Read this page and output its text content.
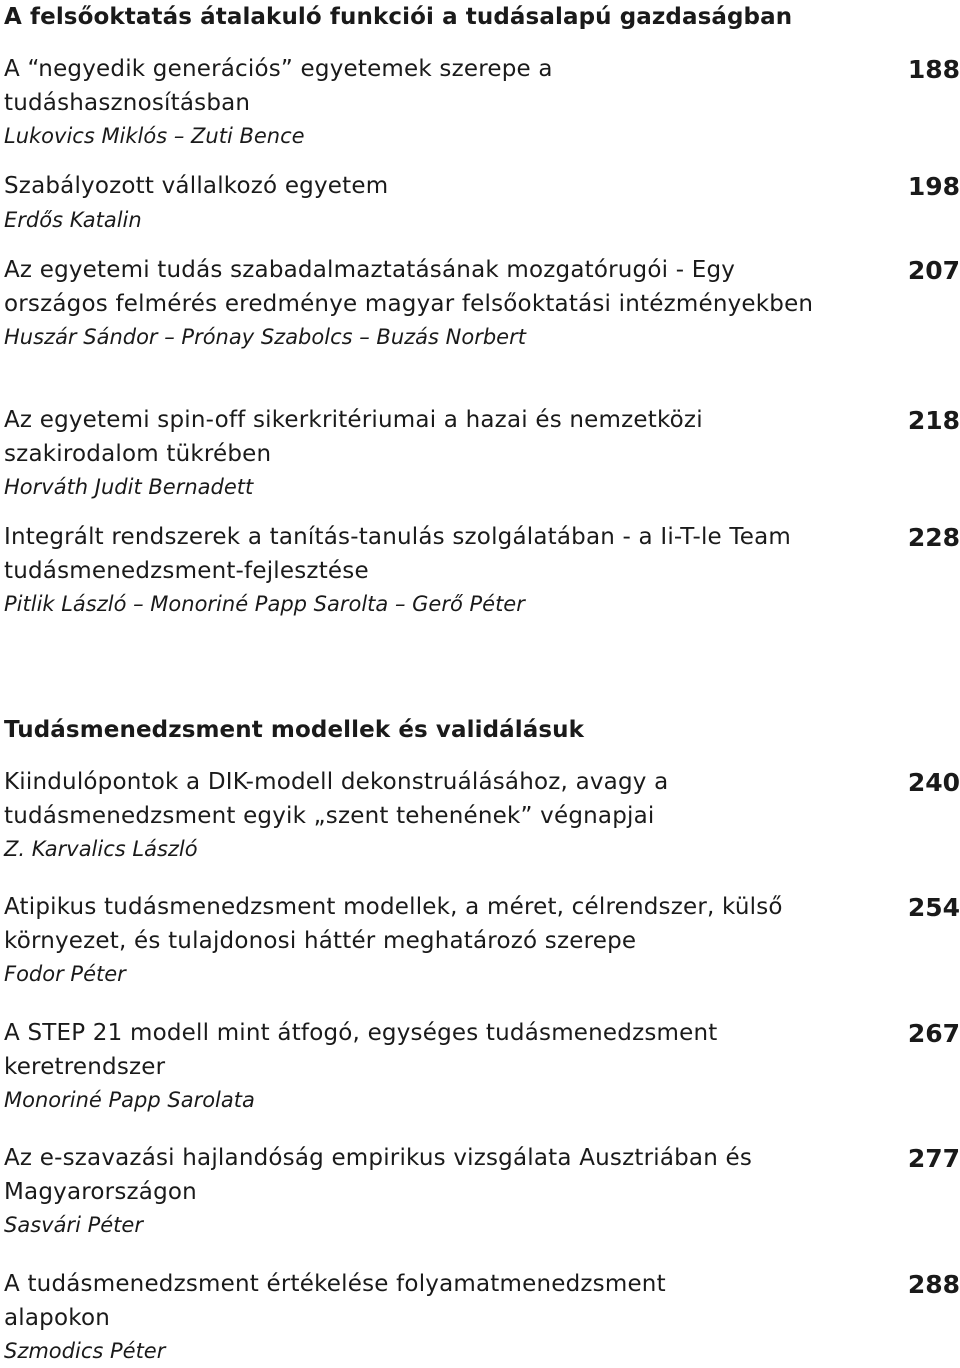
A felsőoktatás átalakuló funkciói a tudásalapú gazdaságban
A “negyedik generációs” egyetemek szerepe a tudáshasznosításban
Lukovics Miklós – Zuti Bence
188
Szabályozott vállalkozó egyetem
Erdős Katalin
198
Az egyetemi tudás szabadalmaztatásának mozgatórugói - Egy országos felmérés eredménye magyar felsőoktatási intézményekben
Huszár Sándor – Prónay Szabolcs – Buzás Norbert
207
Az egyetemi spin-off sikerkritériumai a hazai és nemzetközi szakirodalom tükrében
Horváth Judit Bernadett
218
Integrált rendszerek a tanítás-tanulás szolgálatában - a Ii-T-le Team tudásmenedzsment-fejlesztése
Pitlik László – Monoriné Papp Sarolta – Gerő Péter
228
Tudásmenedzsment modellek és validálásuk
Kiindulópontok a DIK-modell dekonstruálásához, avagy a tudásmenedzsment egyik „szent tehenének” végnapjai
Z. Karvalics László
240
Atipikus tudásmenedzsment modellek, a méret, célrendszer, külső környezet, és tulajdonosi háttér meghatározó szerepe
Fodor Péter
254
A STEP 21 modell mint átfogó, egységes tudásmenedzsment keretrendszer
Monoriné Papp Sarolata
267
Az e-szavazási hajlandóság empirikus vizsgálata Ausztriában és Magyarországon
Sasvári Péter
277
A tudásmenedzsment értékelése folyamatmenedzsment alapokon
Szmodics Péter
288
